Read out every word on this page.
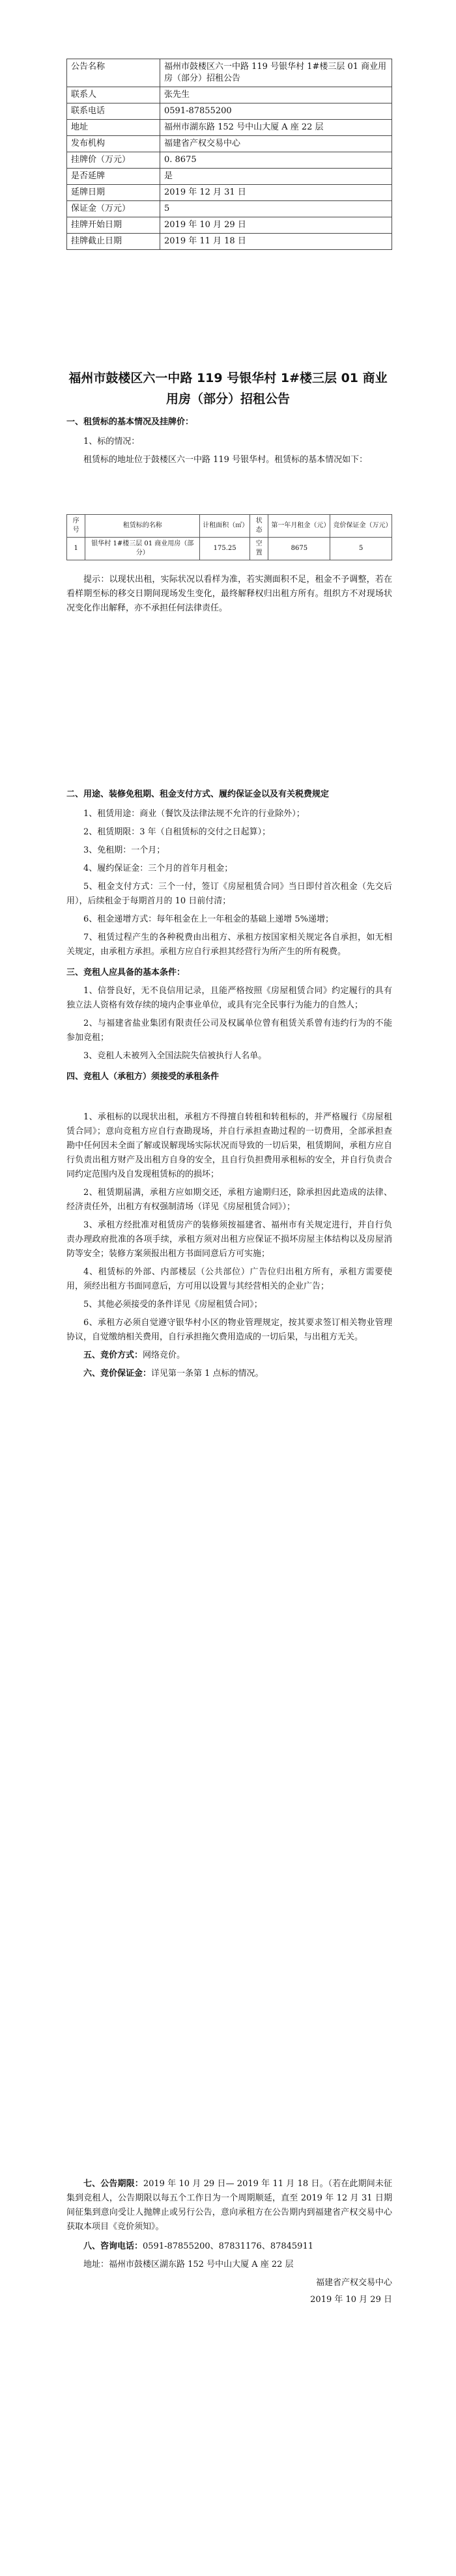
公告名称	福州市鼓楼区六一中路 119 号银华村 1#楼三层 01 商业用房（部分）招租公告
联系人	张先生
联系电话	0591-87855200
地址	福州市湖东路 152 号中山大厦 A 座 22 层
发布机构	福建省产权交易中心
挂牌价（万元）	0. 8675
是否延牌	是
延牌日期	2019 年 12 月 31 日
保证金（万元）	5
挂牌开始日期	2019 年 10 月 29 日
挂牌截止日期	2019 年 11 月 18 日
福州市鼓楼区六一中路 119 号银华村 1#楼三层 01 商业用房（部分）招租公告
一、租赁标的基本情况及挂牌价：

1、标的情况：

租赁标的地址位于鼓楼区六一中路 119 号银华村。租赁标的基本情况如下：

序号	租赁标的名称	计租面积（㎡）	状态	第一年月租金（元）	竞价保证金（万元）
1	银华村 1#楼三层 01 商业用房（部分）	175.25	空置	8675	5

提示：以现状出租，实际状况以看样为准，若实测面积不足，租金不予调整，若在看样期至标的移交日期间现场发生变化，最终解释权归出租方所有。组织方不对现场状况变化作出解释，亦不承担任何法律责任。

二、用途、装修免租期、租金支付方式、履约保证金以及有关税费规定

1、租赁用途：商业（餐饮及法律法规不允许的行业除外）；

2、租赁期限：3 年（自租赁标的交付之日起算）；

3、免租期：一个月；

4、履约保证金：三个月的首年月租金；

5、租金支付方式：三个一付，签订《房屋租赁合同》当日即付首次租金（先交后用），后续租金于每期首月的 10 日前付清；

6、租金递增方式：每年租金在上一年租金的基础上递增 5%递增；

7、租赁过程产生的各种税费由出租方、承租方按国家相关规定各自承担，如无相关规定，由承租方承担。承租方应自行承担其经营行为所产生的所有税费。

三、竞租人应具备的基本条件：

1、信誉良好，无不良信用记录，且能严格按照《房屋租赁合同》约定履行的具有独立法人资格有效存续的境内企事业单位，或具有完全民事行为能力的自然人；

2、与福建省盐业集团有限责任公司及权属单位曾有租赁关系曾有违约行为的不能参加竞租；

3、竞租人未被列入全国法院失信被执行人名单。

四、竞租人（承租方）须接受的承租条件

1、承租标的以现状出租，承租方不得擅自转租和转租标的，并严格履行《房屋租赁合同》；意向竞租方应自行查勘现场，并自行承担查勘过程的一切费用，全部承担查勘中任何因未全面了解或误解现场实际状况而导致的一切后果，租赁期间，承租方应自行负责出租方财产及出租方自身的安全，且自行负担费用承租标的安全，并自行负责合同约定范围内及自发现租赁标的的损坏；

2、租赁期届满，承租方应如期交还，承租方逾期归还，除承担因此造成的法律、经济责任外，出租方有权强制清场（详见《房屋租赁合同》）；

3、承租方经批准对租赁房产的装修须按福建省、福州市有关规定进行，并自行负责办理政府批准的各项手续，承租方须对出租方应保证不损坏房屋主体结构以及房屋消防等安全；装修方案须报出租方书面同意后方可实施；

4、租赁标的外部、内部楼层（公共部位）广告位归出租方所有，承租方需要使用，须经出租方书面同意后，方可用以设置与其经营相关的企业广告；

5、其他必须接受的条件详见《房屋租赁合同》；

6、承租方必须自觉遵守银华村小区的物业管理规定，按其要求签订相关物业管理协议，自觉缴纳相关费用，自行承担拖欠费用造成的一切后果，与出租方无关。

五、竞价方式：网络竞价。

六、竞价保证金：详见第一条第 1 点标的情况。

七、公告期限：2019 年 10 月 29 日— 2019 年 11 月 18 日。（若在此期间未征集到竞租人，公告期限以每五个工作日为一个周期顺延，直至 2019 年 12 月 31 日期间征集到意向受让人抛牌止或另行公告，意向承租方在公告期内到福建省产权交易中心获取本项目《竞价须知》。

八、咨询电话：0591-87855200、87831176、87845911

地址：福州市鼓楼区湖东路 152 号中山大厦 A 座 22 层

福建省产权交易中心
2019 年 10 月 29 日
